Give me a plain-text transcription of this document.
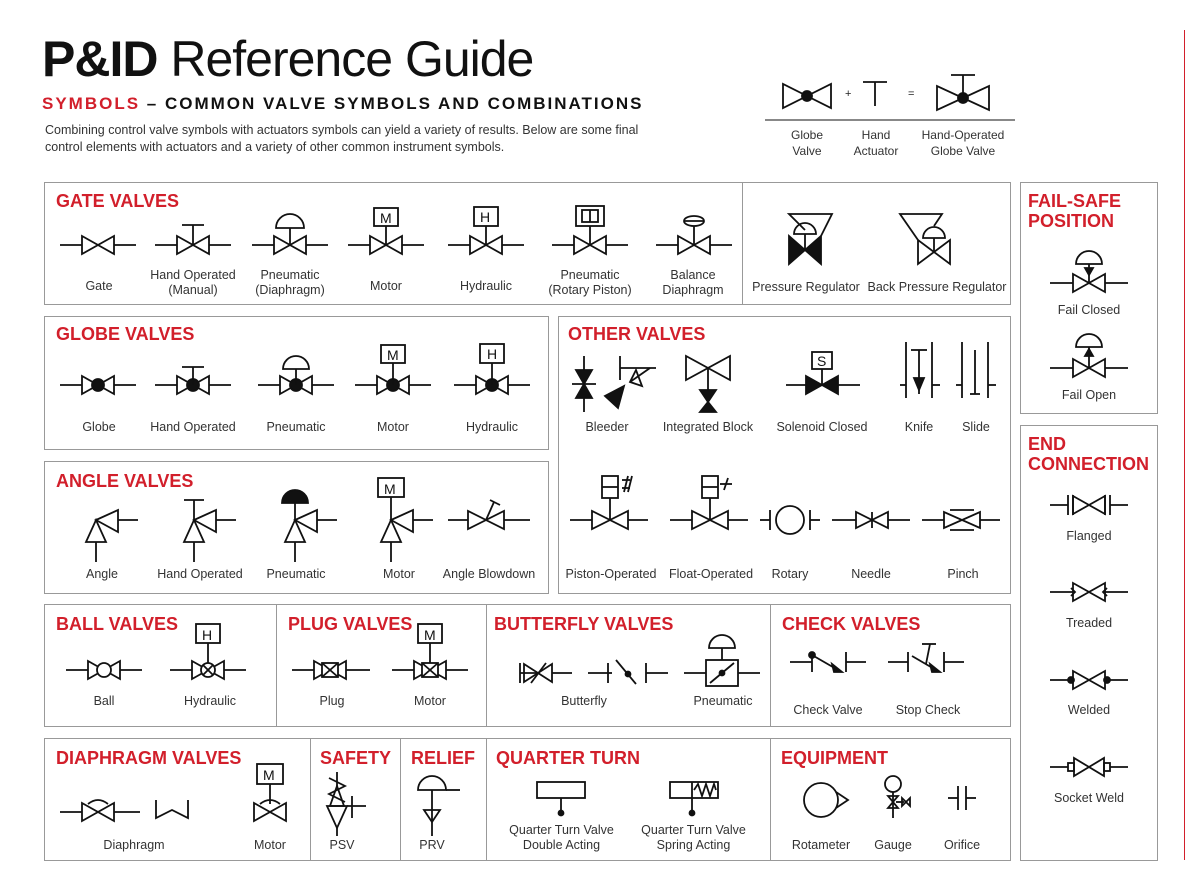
P&ID Reference Guide
SYMBOLS – COMMON VALVE SYMBOLS AND COMBINATIONS
Combining control valve symbols with actuators symbols can yield a variety of results. Below are some final control elements with actuators and a variety of other common instrument symbols.
+	=
Globe
Valve
Hand
Actuator
Hand-Operated
Globe Valve
GATE VALVES
M	H
Gate
Hand Operated
(Manual)
Pneumatic
(Diaphragm)	Motor	Hydraulic
Pneumatic
(Rotary Piston)
Balance
Diaphragm	Pressure Regulator Back Pressure Regulator
FAIL-SAFE
POSITION
Fail Closed
Fail Open
GLOBE VALVES
M	H
Globe	Hand Operated	Pneumatic	Motor	Hydraulic
OTHER VALVES
S
Bleeder	Integrated Block	Solenoid Closed	Knife	Slide
Piston-Operated Float-Operated	Rotary	Needle	Pinch
ANGLE VALVES	M
Angle	Hand Operated	Pneumatic	Motor	Angle Blowdown
END
CONNECTION
Flanged
Treaded
Welded
Socket Weld
BALL VALVES	PLUG VALVES	BUTTERFLY VALVES	CHECK VALVES
H	M
Ball	Hydraulic	Plug	Motor	Butterfly	Pneumatic
Check Valve	Stop Check
DIAPHRAGM VALVES	SAFETY RELIEF QUARTER TURN	EQUIPMENT
M
Diaphragm	Motor	PSV	PRV
Quarter Turn Valve
Double Acting
Quarter Turn Valve
Spring Acting	Rotameter	Gauge	Orifice
